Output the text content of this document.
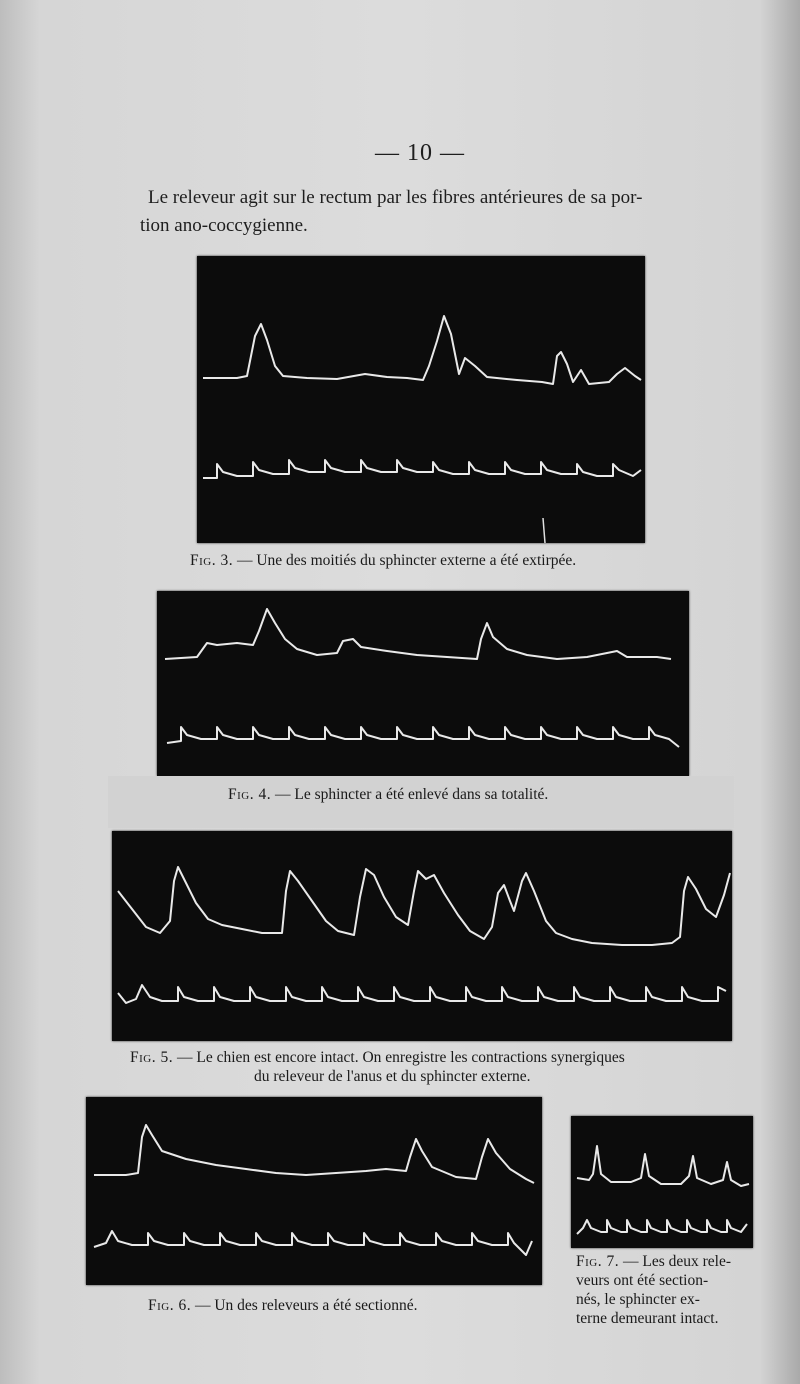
— 10 —
Le releveur agit sur le rectum par les fibres antérieures de sa por-
tion ano-coccygienne.
Fig. 3. — Une des moitiés du sphincter externe a été extirpée.
Fig. 4. — Le sphincter a été enlevé dans sa totalité.
Fig. 5. — Le chien est encore intact. On enregistre les contractions synergiques
du releveur de l'anus et du sphincter externe.
Fig. 6. — Un des releveurs a été sectionné.
Fig. 7. — Les deux rele-
veurs ont été section-
nés, le sphincter ex-
terne demeurant intact.
